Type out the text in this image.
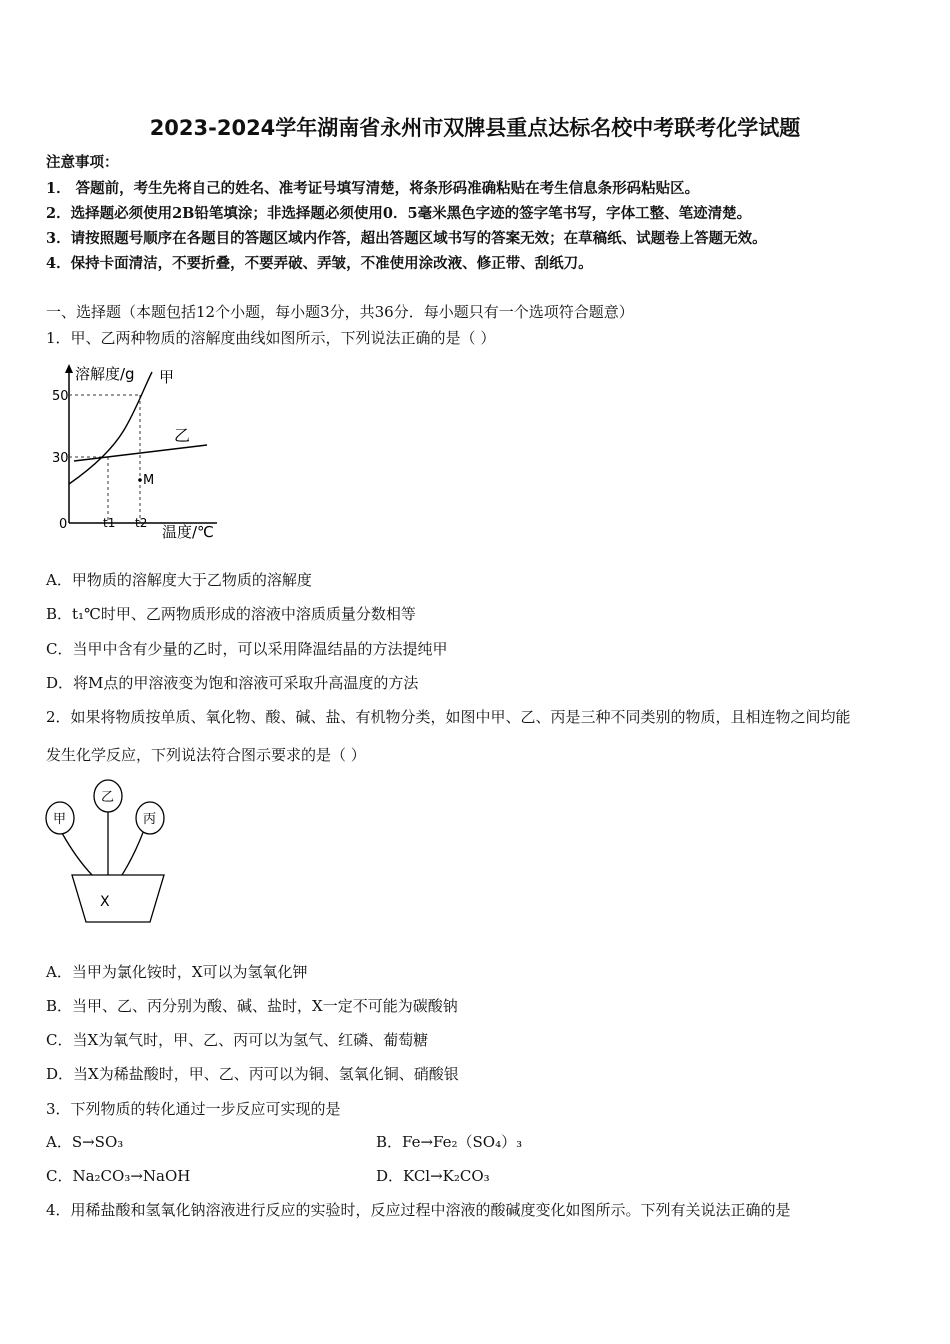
2023-2024学年湖南省永州市双牌县重点达标名校中考联考化学试题
注意事项：
1． 答题前，考生先将自己的姓名、准考证号填写清楚，将条形码准确粘贴在考生信息条形码粘贴区。
2．选择题必须使用2B铅笔填涂；非选择题必须使用0．5毫米黑色字迹的签字笔书写，字体工整、笔迹清楚。
3．请按照题号顺序在各题目的答题区域内作答，超出答题区域书写的答案无效；在草稿纸、试题卷上答题无效。
4．保持卡面清洁，不要折叠，不要弄破、弄皱，不准使用涂改液、修正带、刮纸刀。
一、选择题（本题包括12个小题，每小题3分，共36分．每小题只有一个选项符合题意）
1．甲、乙两种物质的溶解度曲线如图所示，下列说法正确的是（ ）
溶解度/g 甲
乙
M
50
30
0	t1 t2 温度/℃
A．甲物质的溶解度大于乙物质的溶解度
B．t₁℃时甲、乙两物质形成的溶液中溶质质量分数相等
C．当甲中含有少量的乙时，可以采用降温结晶的方法提纯甲
D．将M点的甲溶液变为饱和溶液可采取升高温度的方法
2．如果将物质按单质、氧化物、酸、碱、盐、有机物分类，如图中甲、乙、丙是三种不同类别的物质，且相连物之间均能
发生化学反应，下列说法符合图示要求的是（ ）
甲
乙
丙
X
A．当甲为氯化铵时，X可以为氢氧化钾
B．当甲、乙、丙分别为酸、碱、盐时，X一定不可能为碳酸钠
C．当X为氧气时，甲、乙、丙可以为氢气、红磷、葡萄糖
D．当X为稀盐酸时，甲、乙、丙可以为铜、氢氧化铜、硝酸银
3．下列物质的转化通过一步反应可实现的是
A．S→SO₃	B．Fe→Fe₂（SO₄）₃
C．Na₂CO₃→NaOH	D．KCl→K₂CO₃
4．用稀盐酸和氢氧化钠溶液进行反应的实验时，反应过程中溶液的酸碱度变化如图所示。下列有关说法正确的是
